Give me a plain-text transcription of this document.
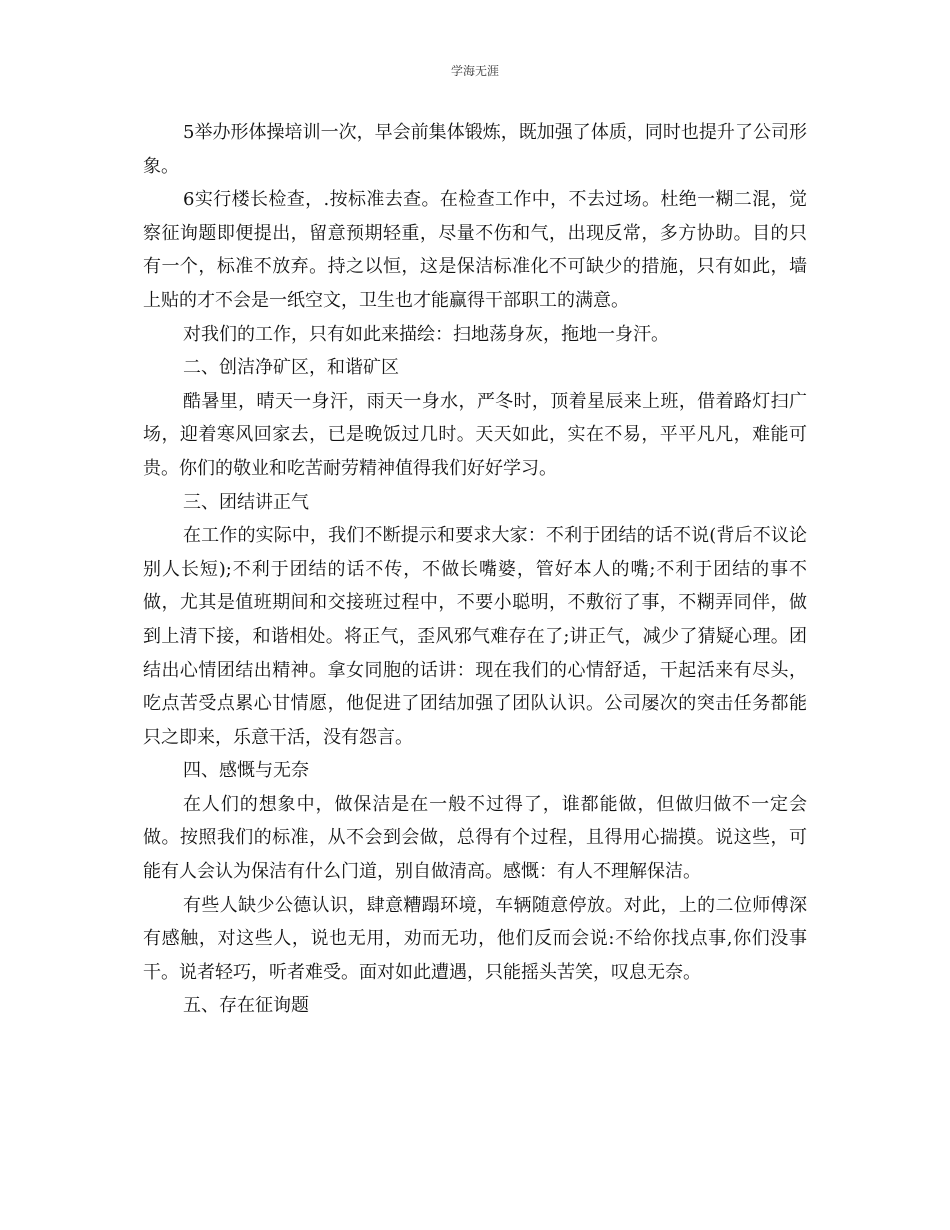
学海无涯

5举办形体操培训一次，早会前集体锻炼，既加强了体质，同时也提升了公司形象。

6实行楼长检查，.按标准去查。在检查工作中，不去过场。杜绝一糊二混，觉察征询题即便提出，留意预期轻重，尽量不伤和气，出现反常，多方协助。目的只有一个，标准不放弃。持之以恒，这是保洁标准化不可缺少的措施，只有如此，墙上贴的才不会是一纸空文，卫生也才能赢得干部职工的满意。

对我们的工作，只有如此来描绘：扫地荡身灰，拖地一身汗。

二、创洁净矿区，和谐矿区

酷暑里，晴天一身汗，雨天一身水，严冬时，顶着星辰来上班，借着路灯扫广场，迎着寒风回家去，已是晚饭过几时。天天如此，实在不易，平平凡凡，难能可贵。你们的敬业和吃苦耐劳精神值得我们好好学习。

三、团结讲正气

在工作的实际中，我们不断提示和要求大家：不利于团结的话不说(背后不议论别人长短);不利于团结的话不传，不做长嘴婆，管好本人的嘴;不利于团结的事不做，尤其是值班期间和交接班过程中，不要小聪明，不敷衍了事，不糊弄同伴，做到上清下接，和谐相处。将正气，歪风邪气难存在了;讲正气，减少了猜疑心理。团结出心情团结出精神。拿女同胞的话讲：现在我们的心情舒适，干起活来有尽头，吃点苦受点累心甘情愿，他促进了团结加强了团队认识。公司屡次的突击任务都能只之即来，乐意干活，没有怨言。

四、感慨与无奈

在人们的想象中，做保洁是在一般不过得了，谁都能做，但做归做不一定会做。按照我们的标准，从不会到会做，总得有个过程，且得用心揣摸。说这些，可能有人会认为保洁有什么门道，别自做清高。感慨：有人不理解保洁。

有些人缺少公德认识，肆意糟蹋环境，车辆随意停放。对此，上的二位师傅深有感触，对这些人，说也无用，劝而无功，他们反而会说:不给你找点事,你们没事干。说者轻巧，听者难受。面对如此遭遇，只能摇头苦笑，叹息无奈。

五、存在征询题
